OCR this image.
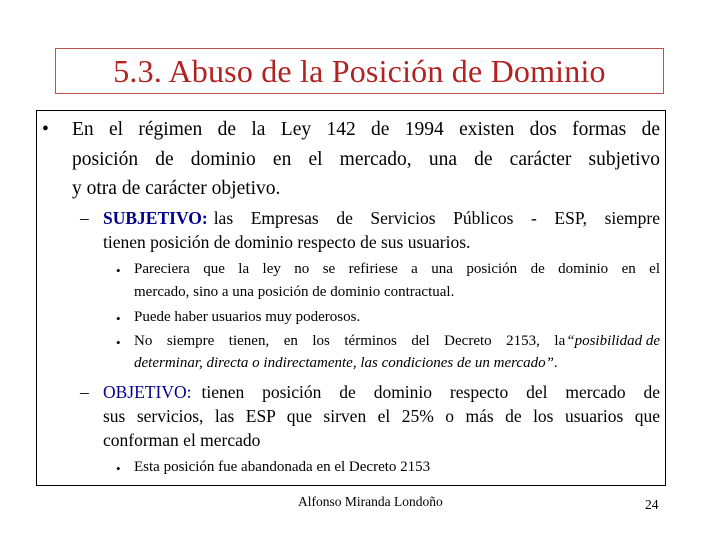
5.3. Abuso de la Posición de Dominio
• En el régimen de la Ley 142 de 1994 existen dos formas de
posición de dominio en el mercado, una de carácter subjetivo
y otra de carácter objetivo.
– SUBJETIVO: las Empresas de Servicios Públicos - ESP, siempre
tienen posición de dominio respecto de sus usuarios.
• Pareciera que la ley no se refiriese a una posición de dominio en el
mercado, sino a una posición de dominio contractual.
• Puede haber usuarios muy poderosos.
• No siempre tienen, en los términos del Decreto 2153, la “posibilidad de
determinar, directa o indirectamente, las condiciones de un mercado”.
– OBJETIVO: tienen posición de dominio respecto del mercado de
sus servicios, las ESP que sirven el 25% o más de los usuarios que
conforman el mercado
• Esta posición fue abandonada en el Decreto 2153
Alfonso Miranda Londoño	24
